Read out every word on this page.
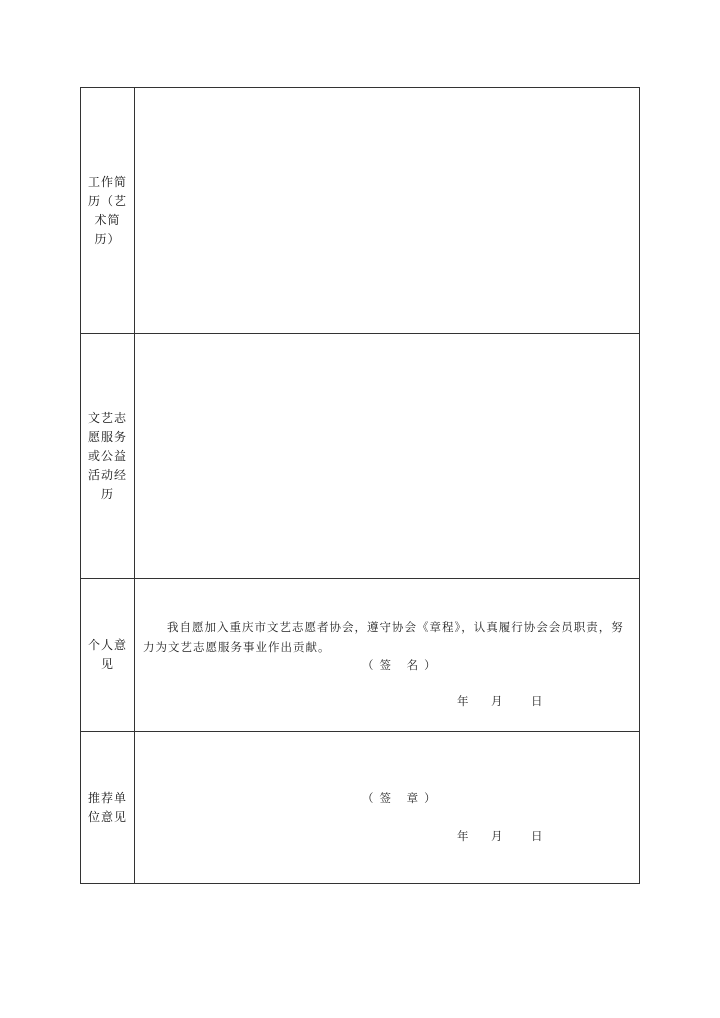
工作简历（艺术简历）
文艺志愿服务或公益活动经历
个人意见
我自愿加入重庆市文艺志愿者协会，遵守协会《章程》，认真履行协会会员职责，努力为文艺志愿服务事业作出贡献。
（签 名）
年 月 日
推荐单位意见
（签 章）
年 月 日
